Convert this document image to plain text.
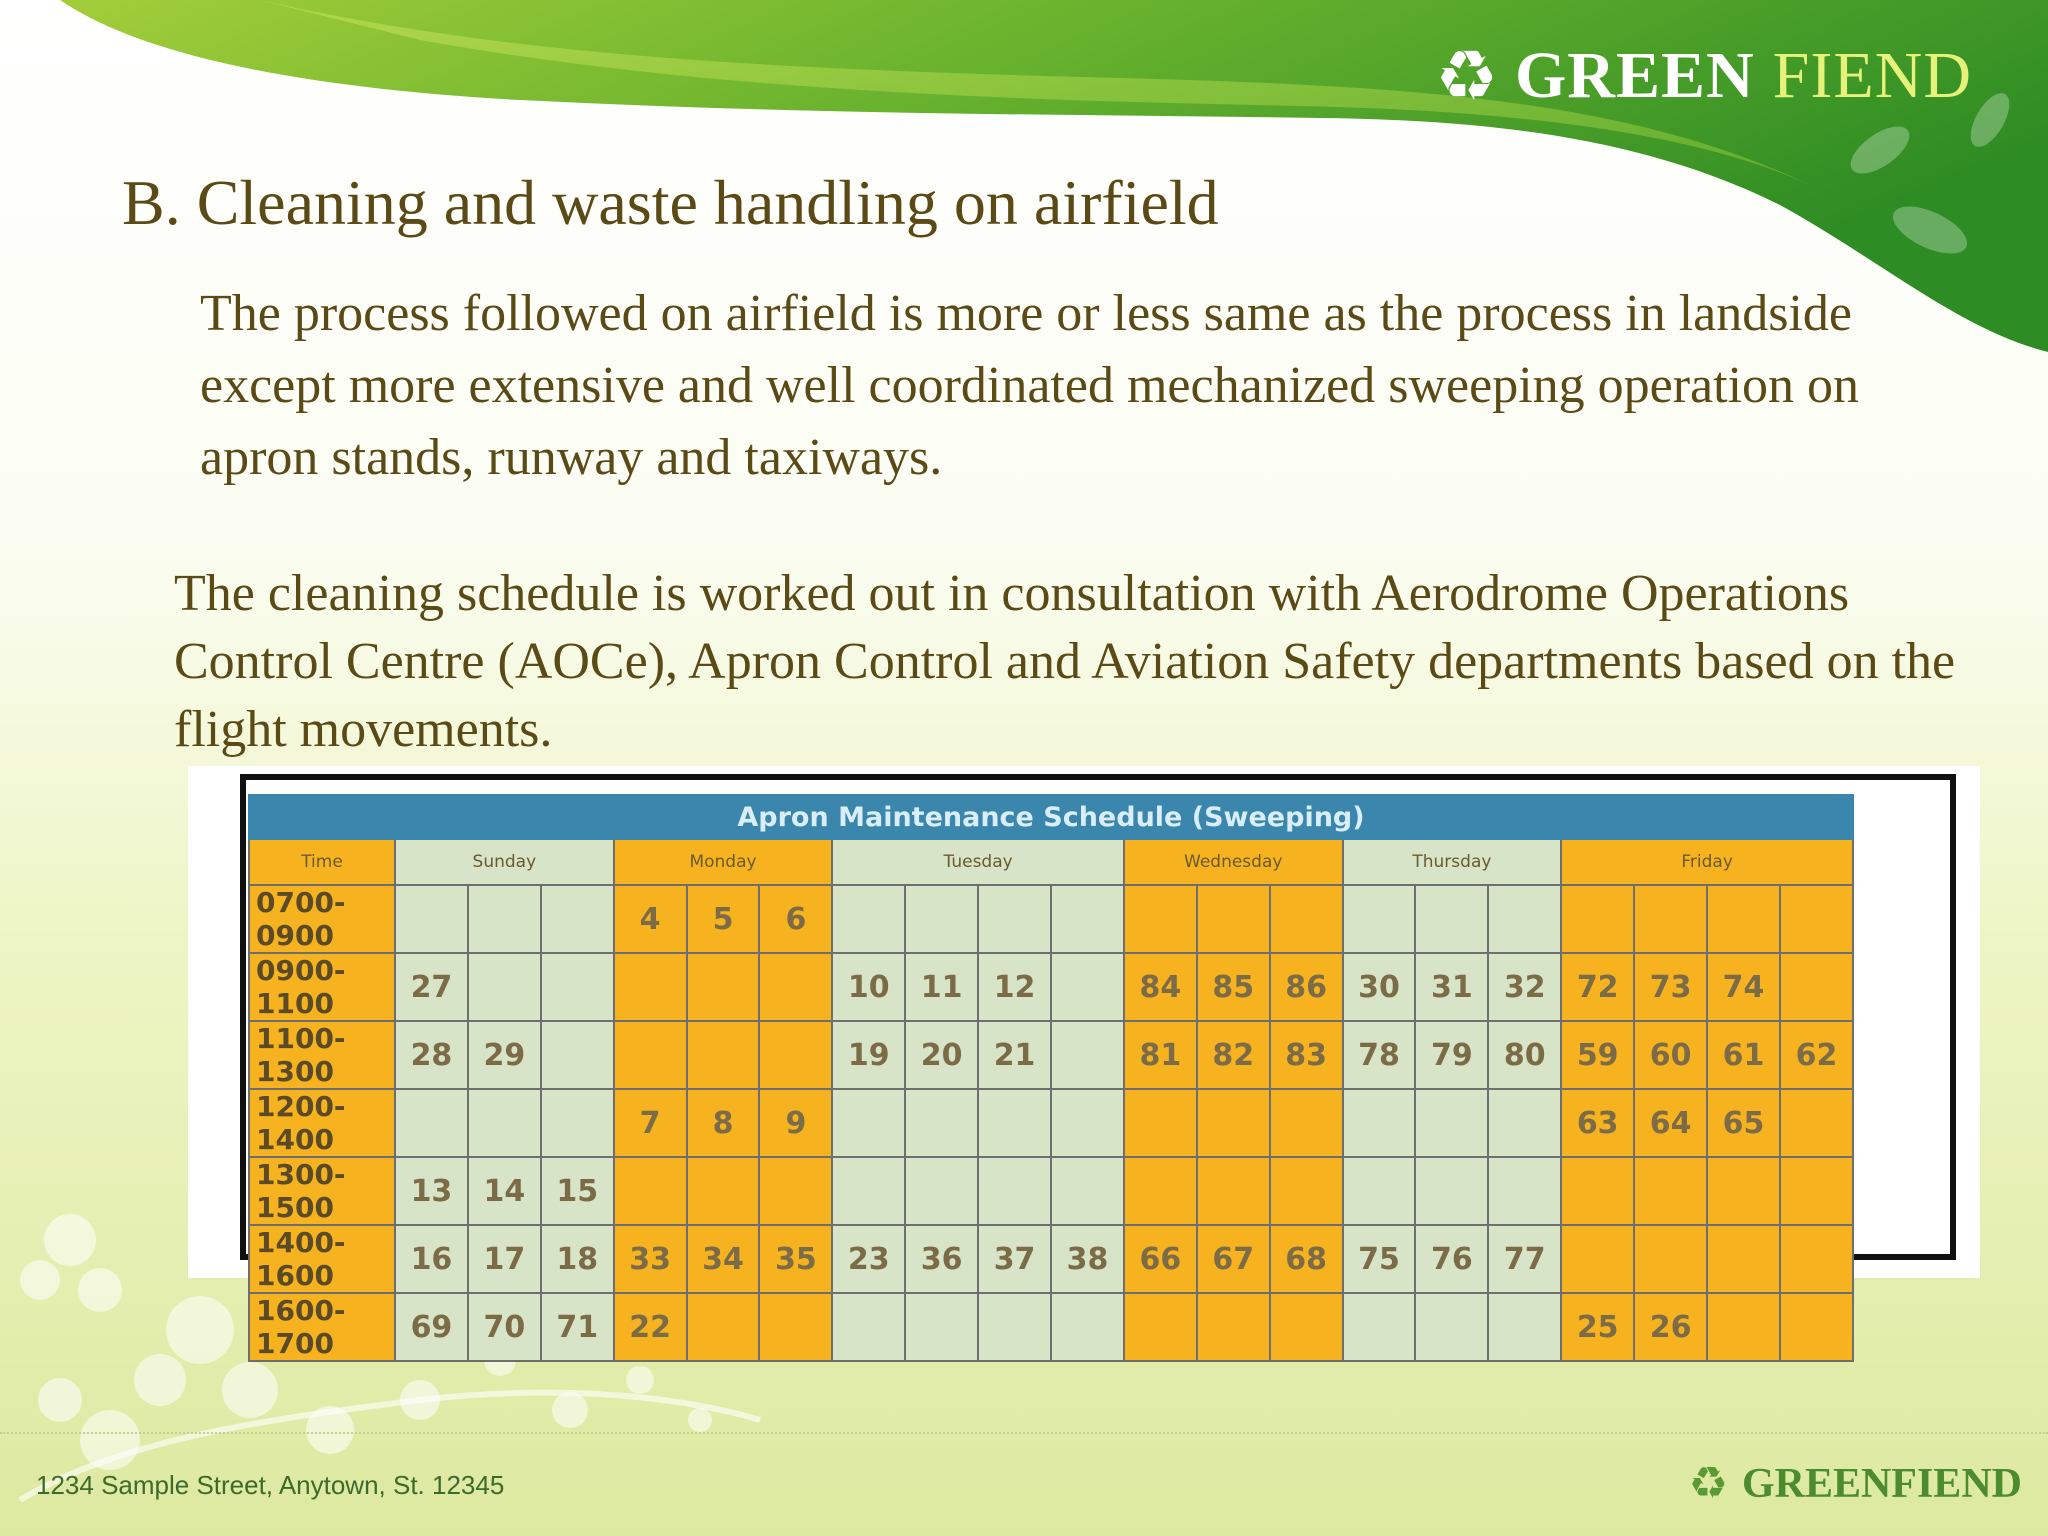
♻ GREEN FIEND
B. Cleaning and waste handling on airfield

The process followed on airfield is more or less same as the process in landside except more extensive and well coordinated mechanized sweeping operation on apron stands, runway and taxiways.

The cleaning schedule is worked out in consultation with Aerodrome Operations Control Centre (AOCe), Apron Control and Aviation Safety departments based on the flight movements.

Apron Maintenance Schedule (Sweeping)																				
Time	Sunday			Monday			Tuesday				Wednesday			Thursday			Friday			
0700-0900				4	5	6														
0900-1100	27						10	11	12		84	85	86	30	31	32	72	73	74	
1100-1300	28	29					19	20	21		81	82	83	78	79	80	59	60	61	62
1200-1400				7	8	9											63	64	65	
1300-1500	13	14	15																	
1400-1600	16	17	18	33	34	35	23	36	37	38	66	67	68	75	76	77				
1600-1700	69	70	71	22													25	26		

1234 Sample Street, Anytown, St. 12345	♻ GREENFIEND
